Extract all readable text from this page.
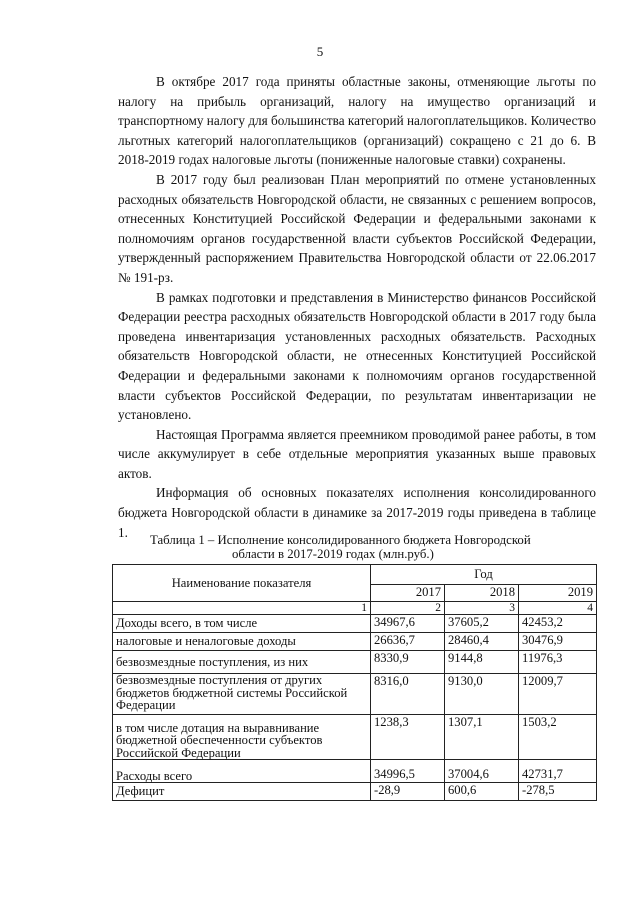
5

В октябре 2017 года приняты областные законы, отменяющие льготы по налогу на прибыль организаций, налогу на имущество организаций и транспортному налогу для большинства категорий налогоплательщиков. Количество льготных категорий налогоплательщиков (организаций) сокращено с 21 до 6. В 2018-2019 годах налоговые льготы (пониженные налоговые ставки) сохранены.

В 2017 году был реализован План мероприятий по отмене установленных расходных обязательств Новгородской области, не связанных с решением вопросов, отнесенных Конституцией Российской Федерации и федеральными законами к полномочиям органов государственной власти субъектов Российской Федерации, утвержденный распоряжением Правительства Новгородской области от 22.06.2017 № 191-рз.

В рамках подготовки и представления в Министерство финансов Российской Федерации реестра расходных обязательств Новгородской области в 2017 году была проведена инвентаризация установленных расходных обязательств. Расходных обязательств Новгородской области, не отнесенных Конституцией Российской Федерации и федеральными законами к полномочиям органов государственной власти субъектов Российской Федерации, по результатам инвентаризации не установлено.

Настоящая Программа является преемником проводимой ранее работы, в том числе аккумулирует в себе отдельные мероприятия указанных выше правовых актов.

Информация об основных показателях исполнения консолидированного бюджета Новгородской области в динамике за 2017-2019 годы приведена в таблице 1.

Таблица 1 – Исполнение консолидированного бюджета Новгородской
области в 2017-2019 годах (млн.руб.)
Наименование показателя	Год		
	2017	2018	2019
1	2	3	4
Доходы всего, в том числе	34967,6	37605,2	42453,2
налоговые и неналоговые доходы	26636,7	28460,4	30476,9
безвозмездные поступления, из них	8330,9	9144,8	11976,3
безвозмездные поступления от других бюджетов бюджетной системы Российской Федерации	8316,0	9130,0	12009,7
в том числе дотация на выравнивание бюджетной обеспеченности субъектов Российской Федерации	1238,3	1307,1	1503,2
Расходы всего	34996,5	37004,6	42731,7
Дефицит	-28,9	600,6	-278,5
